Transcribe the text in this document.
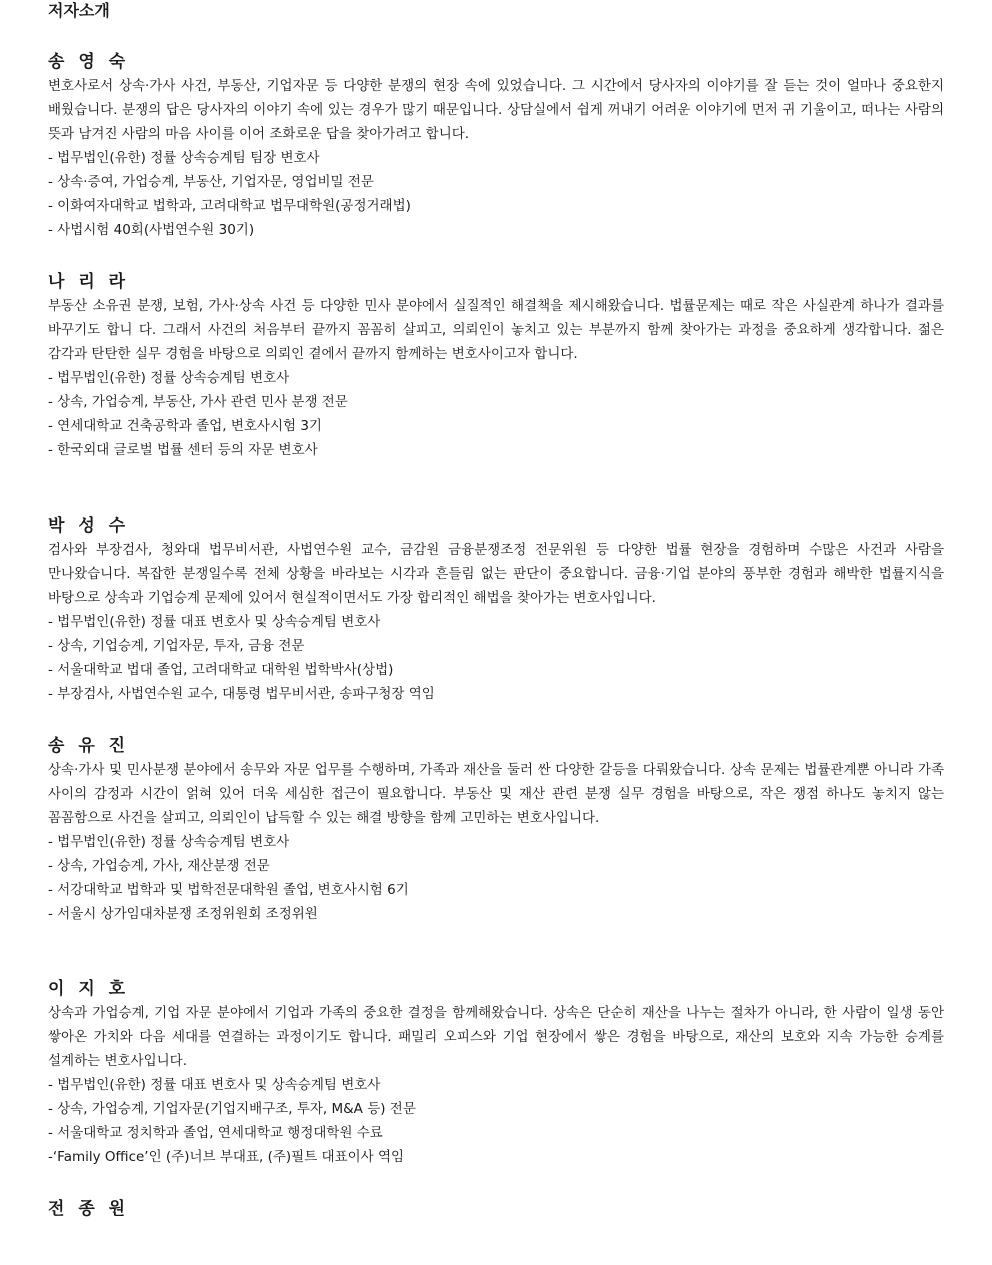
저자소개
송 영 숙

변호사로서 상속·가사 사건, 부동산, 기업자문 등 다양한 분쟁의 현장 속에 있었습니다. 그 시간에서 당사자의 이야기를 잘 듣는 것이 얼마나 중요한지 배웠습니다. 분쟁의 답은 당사자의 이야기 속에 있는 경우가 많기 때문입니다. 상담실에서 쉽게 꺼내기 어려운 이야기에 먼저 귀 기울이고, 떠나는 사람의 뜻과 남겨진 사람의 마음 사이를 이어 조화로운 답을 찾아가려고 합니다.

- 법무법인(유한) 정률 상속승계팀 팀장 변호사
- 상속·증여, 가업승계, 부동산, 기업자문, 영업비밀 전문
- 이화여자대학교 법학과, 고려대학교 법무대학원(공정거래법)
- 사법시험 40회(사법연수원 30기)
나 리 라

부동산 소유권 분쟁, 보험, 가사·상속 사건 등 다양한 민사 분야에서 실질적인 해결책을 제시해왔습니다. 법률문제는 때로 작은 사실관계 하나가 결과를 바꾸기도 합니 다. 그래서 사건의 처음부터 끝까지 꼼꼼히 살피고, 의뢰인이 놓치고 있는 부분까지 함께 찾아가는 과정을 중요하게 생각합니다. 젊은 감각과 탄탄한 실무 경험을 바탕으로 의뢰인 곁에서 끝까지 함께하는 변호사이고자 합니다.

- 법무법인(유한) 정률 상속승계팀 변호사
- 상속, 가업승계, 부동산, 가사 관련 민사 분쟁 전문
- 연세대학교 건축공학과 졸업, 변호사시험 3기
- 한국외대 글로벌 법률 센터 등의 자문 변호사
박 성 수

검사와 부장검사, 청와대 법무비서관, 사법연수원 교수, 금감원 금융분쟁조정 전문위원 등 다양한 법률 현장을 경험하며 수많은 사건과 사람을 만나왔습니다. 복잡한 분쟁일수록 전체 상황을 바라보는 시각과 흔들림 없는 판단이 중요합니다. 금융·기업 분야의 풍부한 경험과 해박한 법률지식을 바탕으로 상속과 기업승계 문제에 있어서 현실적이면서도 가장 합리적인 해법을 찾아가는 변호사입니다.

- 법무법인(유한) 정률 대표 변호사 및 상속승계팀 변호사
- 상속, 기업승계, 기업자문, 투자, 금융 전문
- 서울대학교 법대 졸업, 고려대학교 대학원 법학박사(상법)
- 부장검사, 사법연수원 교수, 대통령 법무비서관, 송파구청장 역임
송 유 진

상속·가사 및 민사분쟁 분야에서 송무와 자문 업무를 수행하며, 가족과 재산을 둘러 싼 다양한 갈등을 다뤄왔습니다. 상속 문제는 법률관계뿐 아니라 가족 사이의 감정과 시간이 얽혀 있어 더욱 세심한 접근이 필요합니다. 부동산 및 재산 관련 분쟁 실무 경험을 바탕으로, 작은 쟁점 하나도 놓치지 않는 꼼꼼함으로 사건을 살피고, 의뢰인이 납득할 수 있는 해결 방향을 함께 고민하는 변호사입니다.

- 법무법인(유한) 정률 상속승계팀 변호사
- 상속, 가업승계, 가사, 재산분쟁 전문
- 서강대학교 법학과 및 법학전문대학원 졸업, 변호사시험 6기
- 서울시 상가임대차분쟁 조정위원회 조정위원
이 지 호

상속과 가업승계, 기업 자문 분야에서 기업과 가족의 중요한 결정을 함께해왔습니다. 상속은 단순히 재산을 나누는 절차가 아니라, 한 사람이 일생 동안 쌓아온 가치와 다음 세대를 연결하는 과정이기도 합니다. 패밀리 오피스와 기업 현장에서 쌓은 경험을 바탕으로, 재산의 보호와 지속 가능한 승계를 설계하는 변호사입니다.

- 법무법인(유한) 정률 대표 변호사 및 상속승계팀 변호사
- 상속, 가업승계, 기업자문(기업지배구조, 투자, M&A 등) 전문
- 서울대학교 정치학과 졸업, 연세대학교 행정대학원 수료
-‘Family Office’인 (주)너브 부대표, (주)필트 대표이사 역임
전 종 원
